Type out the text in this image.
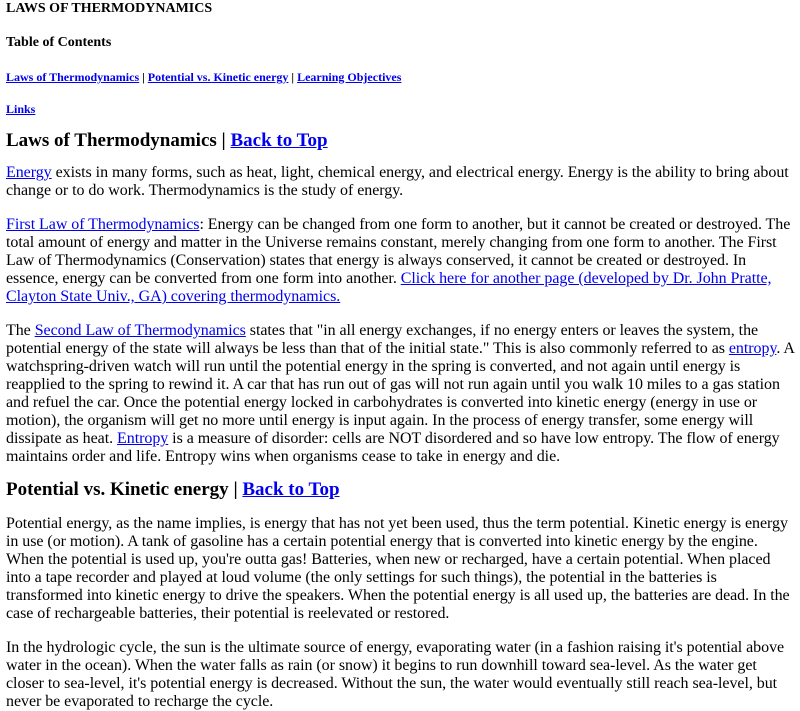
LAWS OF THERMODYNAMICS

Table of Contents

Laws of Thermodynamics | Potential vs. Kinetic energy | Learning Objectives

Links

Laws of Thermodynamics | Back to Top

Energy exists in many forms, such as heat, light, chemical energy, and electrical energy. Energy is the ability to bring about change or to do work. Thermodynamics is the study of energy.

First Law of Thermodynamics: Energy can be changed from one form to another, but it cannot be created or destroyed. The total amount of energy and matter in the Universe remains constant, merely changing from one form to another. The First Law of Thermodynamics (Conservation) states that energy is always conserved, it cannot be created or destroyed. In essence, energy can be converted from one form into another. Click here for another page (developed by Dr. John Pratte, Clayton State Univ., GA) covering thermodynamics.

The Second Law of Thermodynamics states that "in all energy exchanges, if no energy enters or leaves the system, the potential energy of the state will always be less than that of the initial state." This is also commonly referred to as entropy. A watchspring-driven watch will run until the potential energy in the spring is converted, and not again until energy is reapplied to the spring to rewind it. A car that has run out of gas will not run again until you walk 10 miles to a gas station and refuel the car. Once the potential energy locked in carbohydrates is converted into kinetic energy (energy in use or motion), the organism will get no more until energy is input again. In the process of energy transfer, some energy will dissipate as heat. Entropy is a measure of disorder: cells are NOT disordered and so have low entropy. The flow of energy maintains order and life. Entropy wins when organisms cease to take in energy and die.

Potential vs. Kinetic energy | Back to Top

Potential energy, as the name implies, is energy that has not yet been used, thus the term potential. Kinetic energy is energy in use (or motion). A tank of gasoline has a certain potential energy that is converted into kinetic energy by the engine. When the potential is used up, you're outta gas! Batteries, when new or recharged, have a certain potential. When placed into a tape recorder and played at loud volume (the only settings for such things), the potential in the batteries is transformed into kinetic energy to drive the speakers. When the potential energy is all used up, the batteries are dead. In the case of rechargeable batteries, their potential is reelevated or restored.

In the hydrologic cycle, the sun is the ultimate source of energy, evaporating water (in a fashion raising it's potential above water in the ocean). When the water falls as rain (or snow) it begins to run downhill toward sea-level. As the water get closer to sea-level, it's potential energy is decreased. Without the sun, the water would eventually still reach sea-level, but never be evaporated to recharge the cycle.
